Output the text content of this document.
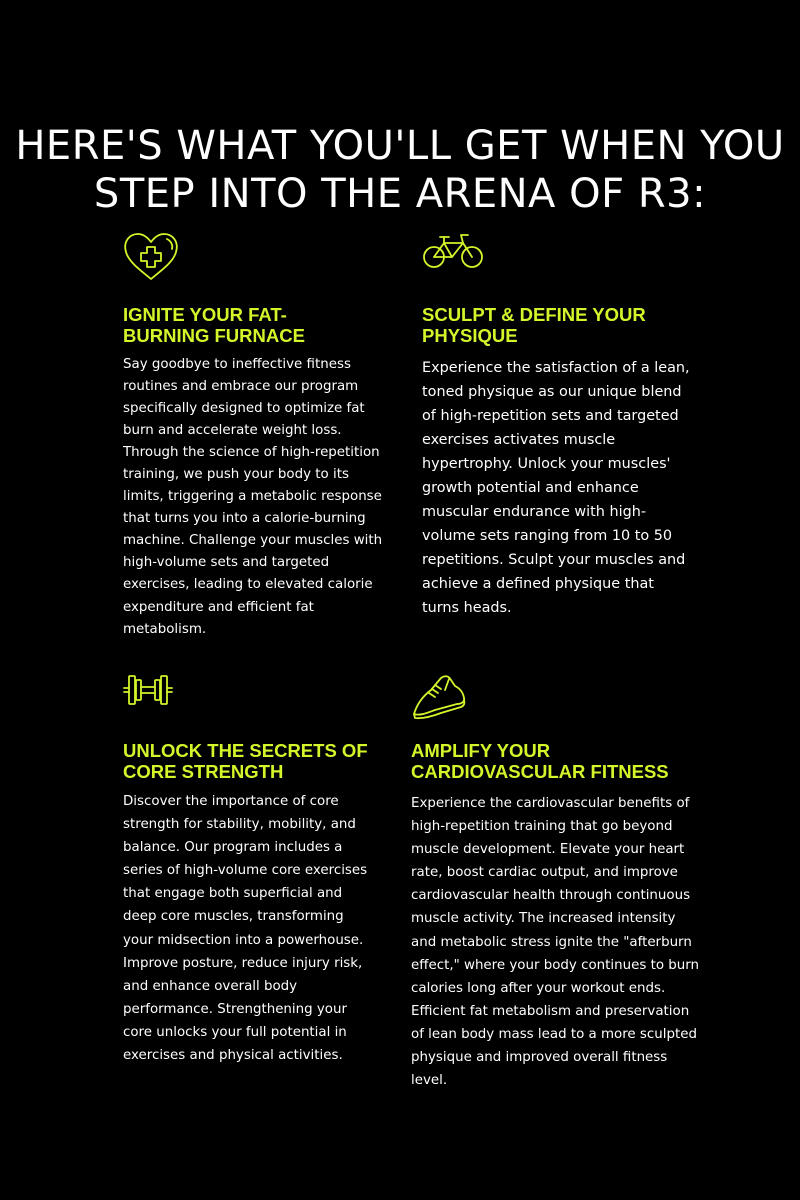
HERE'S WHAT YOU'LL GET WHEN YOU
STEP INTO THE ARENA OF R3:
IGNITE YOUR FAT-BURNING FURNACE

Say goodbye to ineffective fitness routines and embrace our program specifically designed to optimize fat burn and accelerate weight loss. Through the science of high-repetition training, we push your body to its limits, triggering a metabolic response that turns you into a calorie-burning machine. Challenge your muscles with high-volume sets and targeted exercises, leading to elevated calorie expenditure and efficient fat metabolism.

SCULPT & DEFINE YOUR PHYSIQUE

Experience the satisfaction of a lean, toned physique as our unique blend of high-repetition sets and targeted exercises activates muscle hypertrophy. Unlock your muscles' growth potential and enhance muscular endurance with high-volume sets ranging from 10 to 50 repetitions. Sculpt your muscles and achieve a defined physique that turns heads.

UNLOCK THE SECRETS OF CORE STRENGTH

Discover the importance of core strength for stability, mobility, and balance. Our program includes a series of high-volume core exercises that engage both superficial and deep core muscles, transforming your midsection into a powerhouse. Improve posture, reduce injury risk, and enhance overall body performance. Strengthening your core unlocks your full potential in exercises and physical activities.

AMPLIFY YOUR CARDIOVASCULAR FITNESS

Experience the cardiovascular benefits of high-repetition training that go beyond muscle development. Elevate your heart rate, boost cardiac output, and improve cardiovascular health through continuous muscle activity. The increased intensity and metabolic stress ignite the "afterburn effect," where your body continues to burn calories long after your workout ends. Efficient fat metabolism and preservation of lean body mass lead to a more sculpted physique and improved overall fitness level.
